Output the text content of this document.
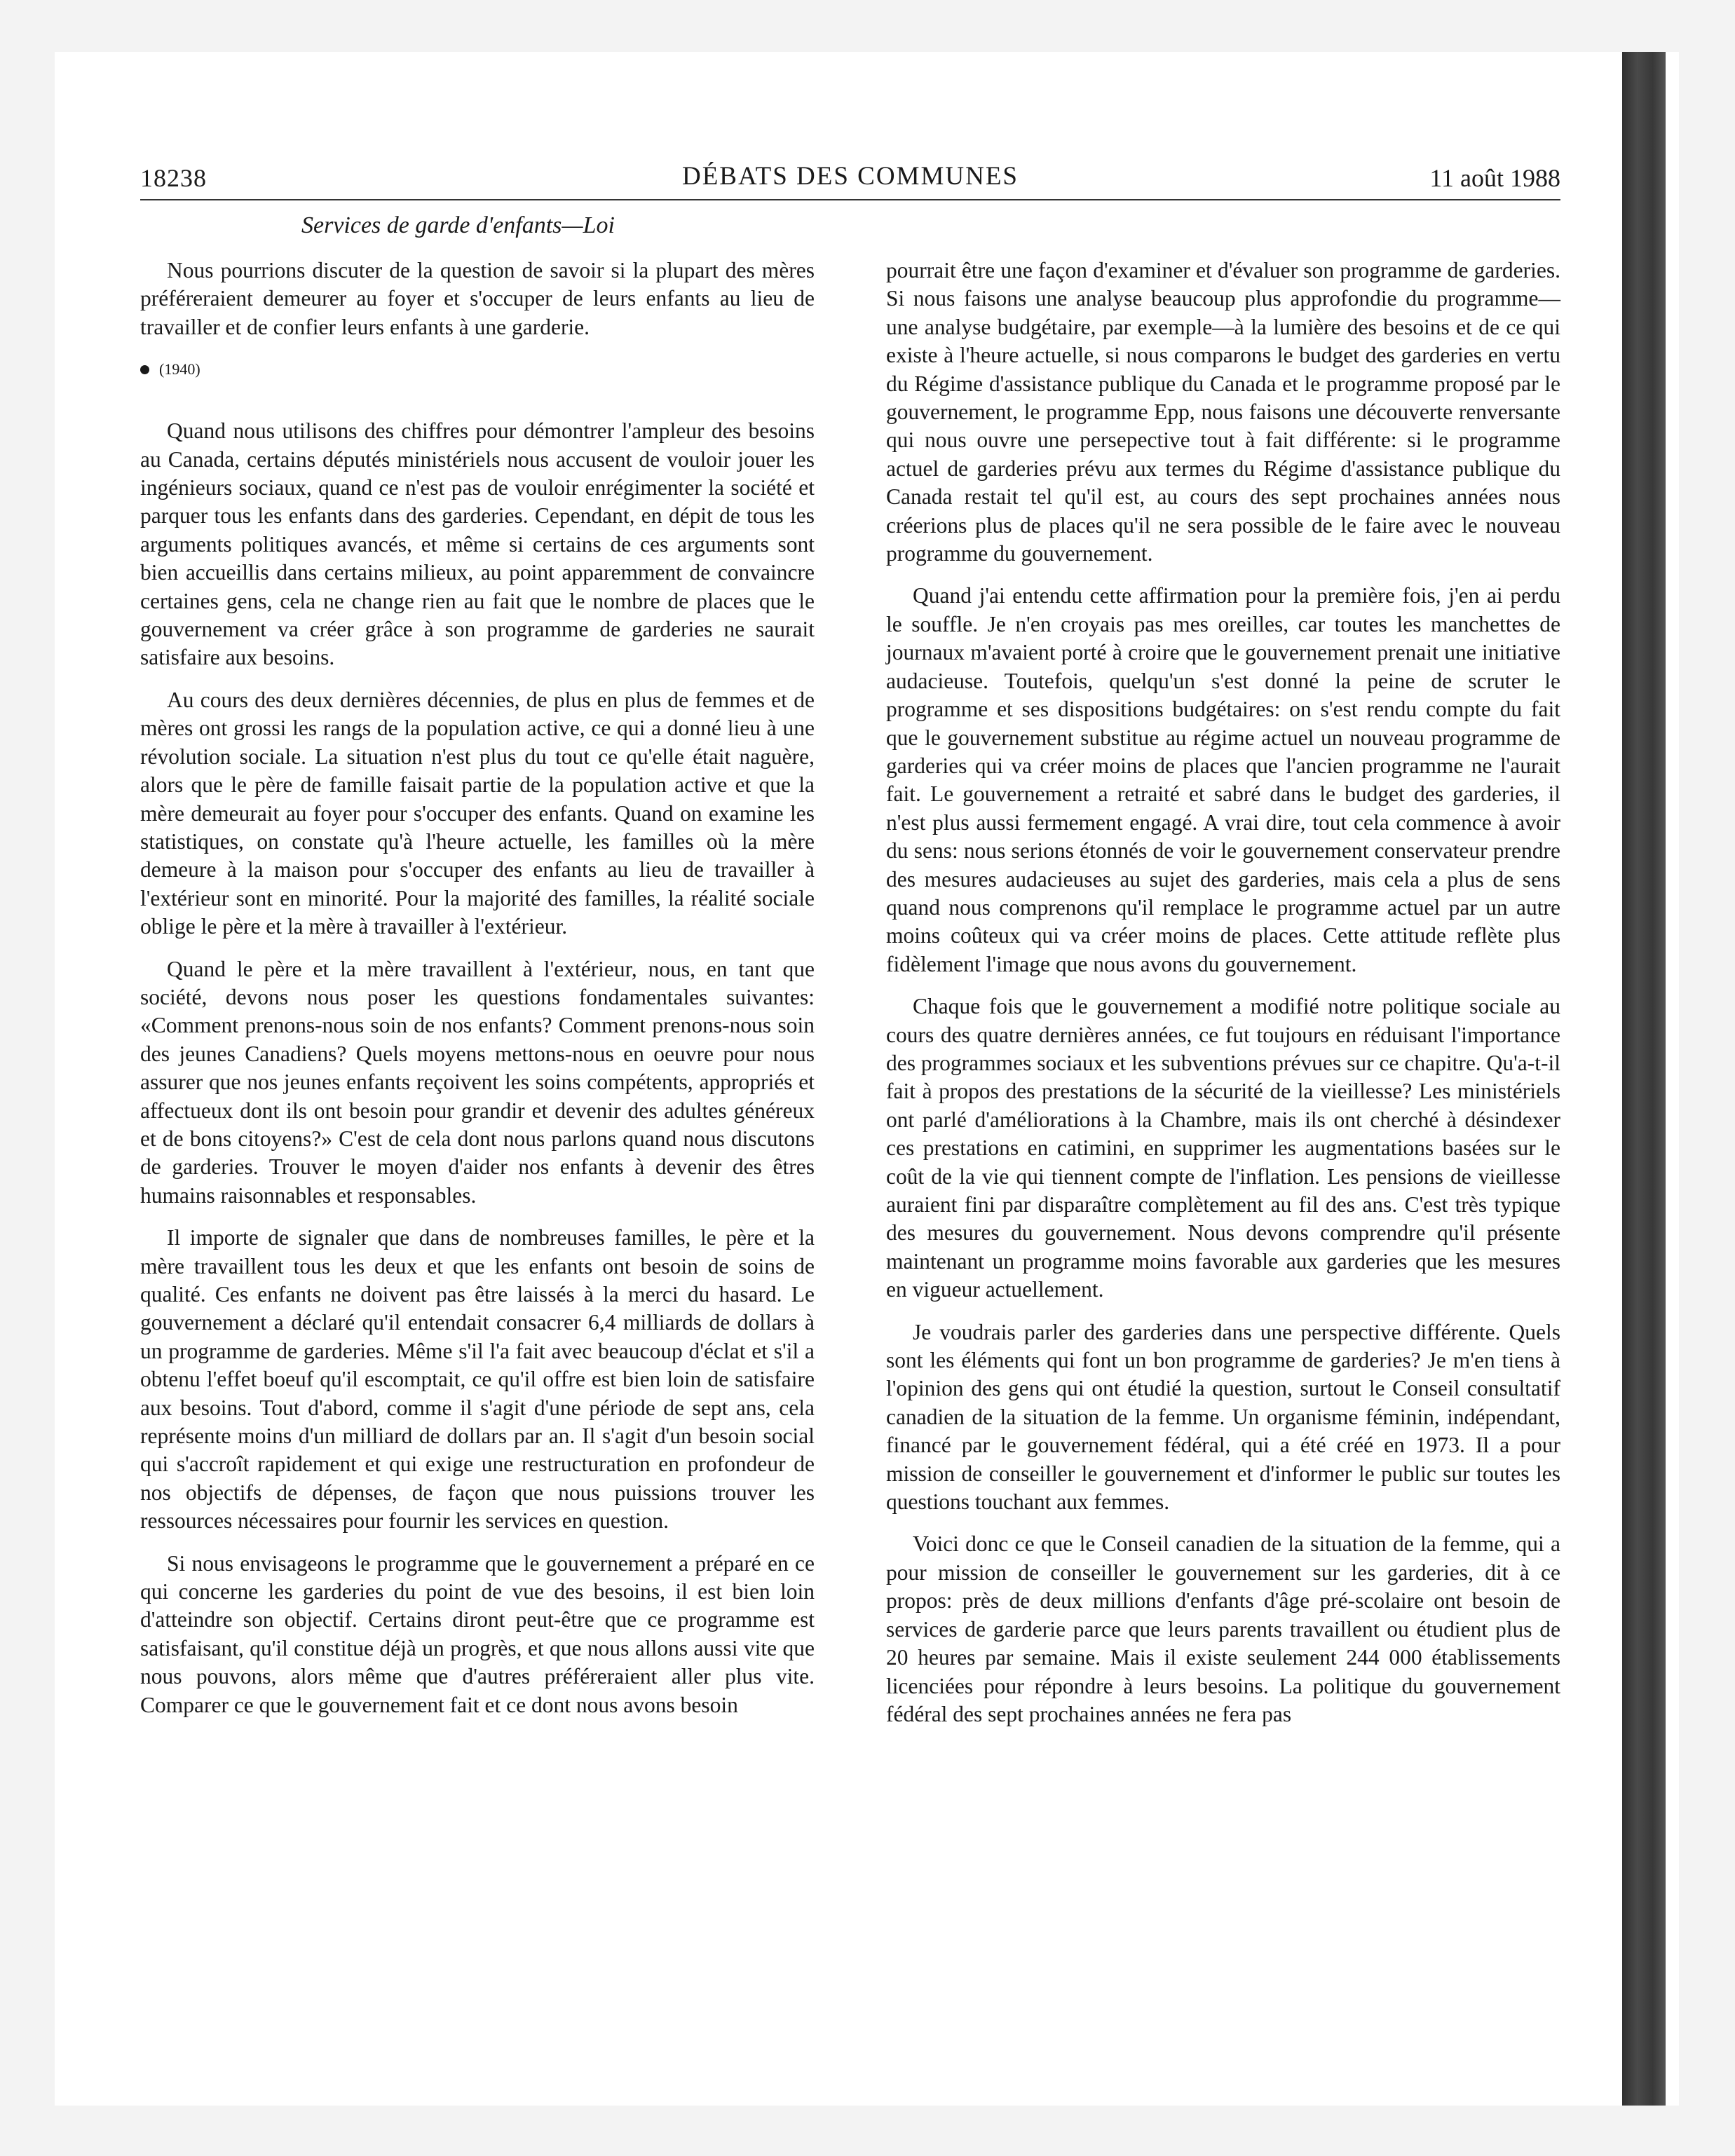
18238	DÉBATS DES COMMUNES	11 août 1988
Services de garde d'enfants—Loi

Nous pourrions discuter de la question de savoir si la plupart des mères préféreraient demeurer au foyer et s'occuper de leurs enfants au lieu de travailler et de confier leurs enfants à une garderie.

(1940)

Quand nous utilisons des chiffres pour démontrer l'ampleur des besoins au Canada, certains députés ministériels nous accusent de vouloir jouer les ingénieurs sociaux, quand ce n'est pas de vouloir enrégimenter la société et parquer tous les enfants dans des garderies. Cependant, en dépit de tous les arguments politiques avancés, et même si certains de ces arguments sont bien accueillis dans certains milieux, au point apparemment de convaincre certaines gens, cela ne change rien au fait que le nombre de places que le gouvernement va créer grâce à son programme de garderies ne saurait satisfaire aux besoins.

Au cours des deux dernières décennies, de plus en plus de femmes et de mères ont grossi les rangs de la population active, ce qui a donné lieu à une révolution sociale. La situation n'est plus du tout ce qu'elle était naguère, alors que le père de famille faisait partie de la population active et que la mère demeurait au foyer pour s'occuper des enfants. Quand on examine les statistiques, on constate qu'à l'heure actuelle, les familles où la mère demeure à la maison pour s'occuper des enfants au lieu de travailler à l'extérieur sont en minorité. Pour la majorité des familles, la réalité sociale oblige le père et la mère à travailler à l'extérieur.

Quand le père et la mère travaillent à l'extérieur, nous, en tant que société, devons nous poser les questions fondamentales suivantes: «Comment prenons-nous soin de nos enfants? Comment prenons-nous soin des jeunes Canadiens? Quels moyens mettons-nous en oeuvre pour nous assurer que nos jeunes enfants reçoivent les soins compétents, appropriés et affectueux dont ils ont besoin pour grandir et devenir des adultes généreux et de bons citoyens?» C'est de cela dont nous parlons quand nous discutons de garderies. Trouver le moyen d'aider nos enfants à devenir des êtres humains raisonnables et responsables.

Il importe de signaler que dans de nombreuses familles, le père et la mère travaillent tous les deux et que les enfants ont besoin de soins de qualité. Ces enfants ne doivent pas être laissés à la merci du hasard. Le gouvernement a déclaré qu'il entendait consacrer 6,4 milliards de dollars à un programme de garderies. Même s'il l'a fait avec beaucoup d'éclat et s'il a obtenu l'effet boeuf qu'il escomptait, ce qu'il offre est bien loin de satisfaire aux besoins. Tout d'abord, comme il s'agit d'une période de sept ans, cela représente moins d'un milliard de dollars par an. Il s'agit d'un besoin social qui s'accroît rapidement et qui exige une restructuration en profondeur de nos objectifs de dépenses, de façon que nous puissions trouver les ressources nécessaires pour fournir les services en question.

Si nous envisageons le programme que le gouvernement a préparé en ce qui concerne les garderies du point de vue des besoins, il est bien loin d'atteindre son objectif. Certains diront peut-être que ce programme est satisfaisant, qu'il constitue déjà un progrès, et que nous allons aussi vite que nous pouvons, alors même que d'autres préféreraient aller plus vite. Comparer ce que le gouvernement fait et ce dont nous avons besoin

pourrait être une façon d'examiner et d'évaluer son programme de garderies. Si nous faisons une analyse beaucoup plus approfondie du programme—une analyse budgétaire, par exemple—à la lumière des besoins et de ce qui existe à l'heure actuelle, si nous comparons le budget des garderies en vertu du Régime d'assistance publique du Canada et le programme proposé par le gouvernement, le programme Epp, nous faisons une découverte renversante qui nous ouvre une persepective tout à fait différente: si le programme actuel de garderies prévu aux termes du Régime d'assistance publique du Canada restait tel qu'il est, au cours des sept prochaines années nous créerions plus de places qu'il ne sera possible de le faire avec le nouveau programme du gouvernement.

Quand j'ai entendu cette affirmation pour la première fois, j'en ai perdu le souffle. Je n'en croyais pas mes oreilles, car toutes les manchettes de journaux m'avaient porté à croire que le gouvernement prenait une initiative audacieuse. Toutefois, quelqu'un s'est donné la peine de scruter le programme et ses dispositions budgétaires: on s'est rendu compte du fait que le gouvernement substitue au régime actuel un nouveau programme de garderies qui va créer moins de places que l'ancien programme ne l'aurait fait. Le gouvernement a retraité et sabré dans le budget des garderies, il n'est plus aussi fermement engagé. A vrai dire, tout cela commence à avoir du sens: nous serions étonnés de voir le gouvernement conservateur prendre des mesures audacieuses au sujet des garderies, mais cela a plus de sens quand nous comprenons qu'il remplace le programme actuel par un autre moins coûteux qui va créer moins de places. Cette attitude reflète plus fidèlement l'image que nous avons du gouvernement.

Chaque fois que le gouvernement a modifié notre politique sociale au cours des quatre dernières années, ce fut toujours en réduisant l'importance des programmes sociaux et les subventions prévues sur ce chapitre. Qu'a-t-il fait à propos des prestations de la sécurité de la vieillesse? Les ministériels ont parlé d'améliorations à la Chambre, mais ils ont cherché à désindexer ces prestations en catimini, en supprimer les augmentations basées sur le coût de la vie qui tiennent compte de l'inflation. Les pensions de vieillesse auraient fini par disparaître complètement au fil des ans. C'est très typique des mesures du gouvernement. Nous devons comprendre qu'il présente maintenant un programme moins favorable aux garderies que les mesures en vigueur actuellement.

Je voudrais parler des garderies dans une perspective différente. Quels sont les éléments qui font un bon programme de garderies? Je m'en tiens à l'opinion des gens qui ont étudié la question, surtout le Conseil consultatif canadien de la situation de la femme. Un organisme féminin, indépendant, financé par le gouvernement fédéral, qui a été créé en 1973. Il a pour mission de conseiller le gouvernement et d'informer le public sur toutes les questions touchant aux femmes.

Voici donc ce que le Conseil canadien de la situation de la femme, qui a pour mission de conseiller le gouvernement sur les garderies, dit à ce propos: près de deux millions d'enfants d'âge pré-scolaire ont besoin de services de garderie parce que leurs parents travaillent ou étudient plus de 20 heures par semaine. Mais il existe seulement 244 000 établissements licenciées pour répondre à leurs besoins. La politique du gouvernement fédéral des sept prochaines années ne fera pas
